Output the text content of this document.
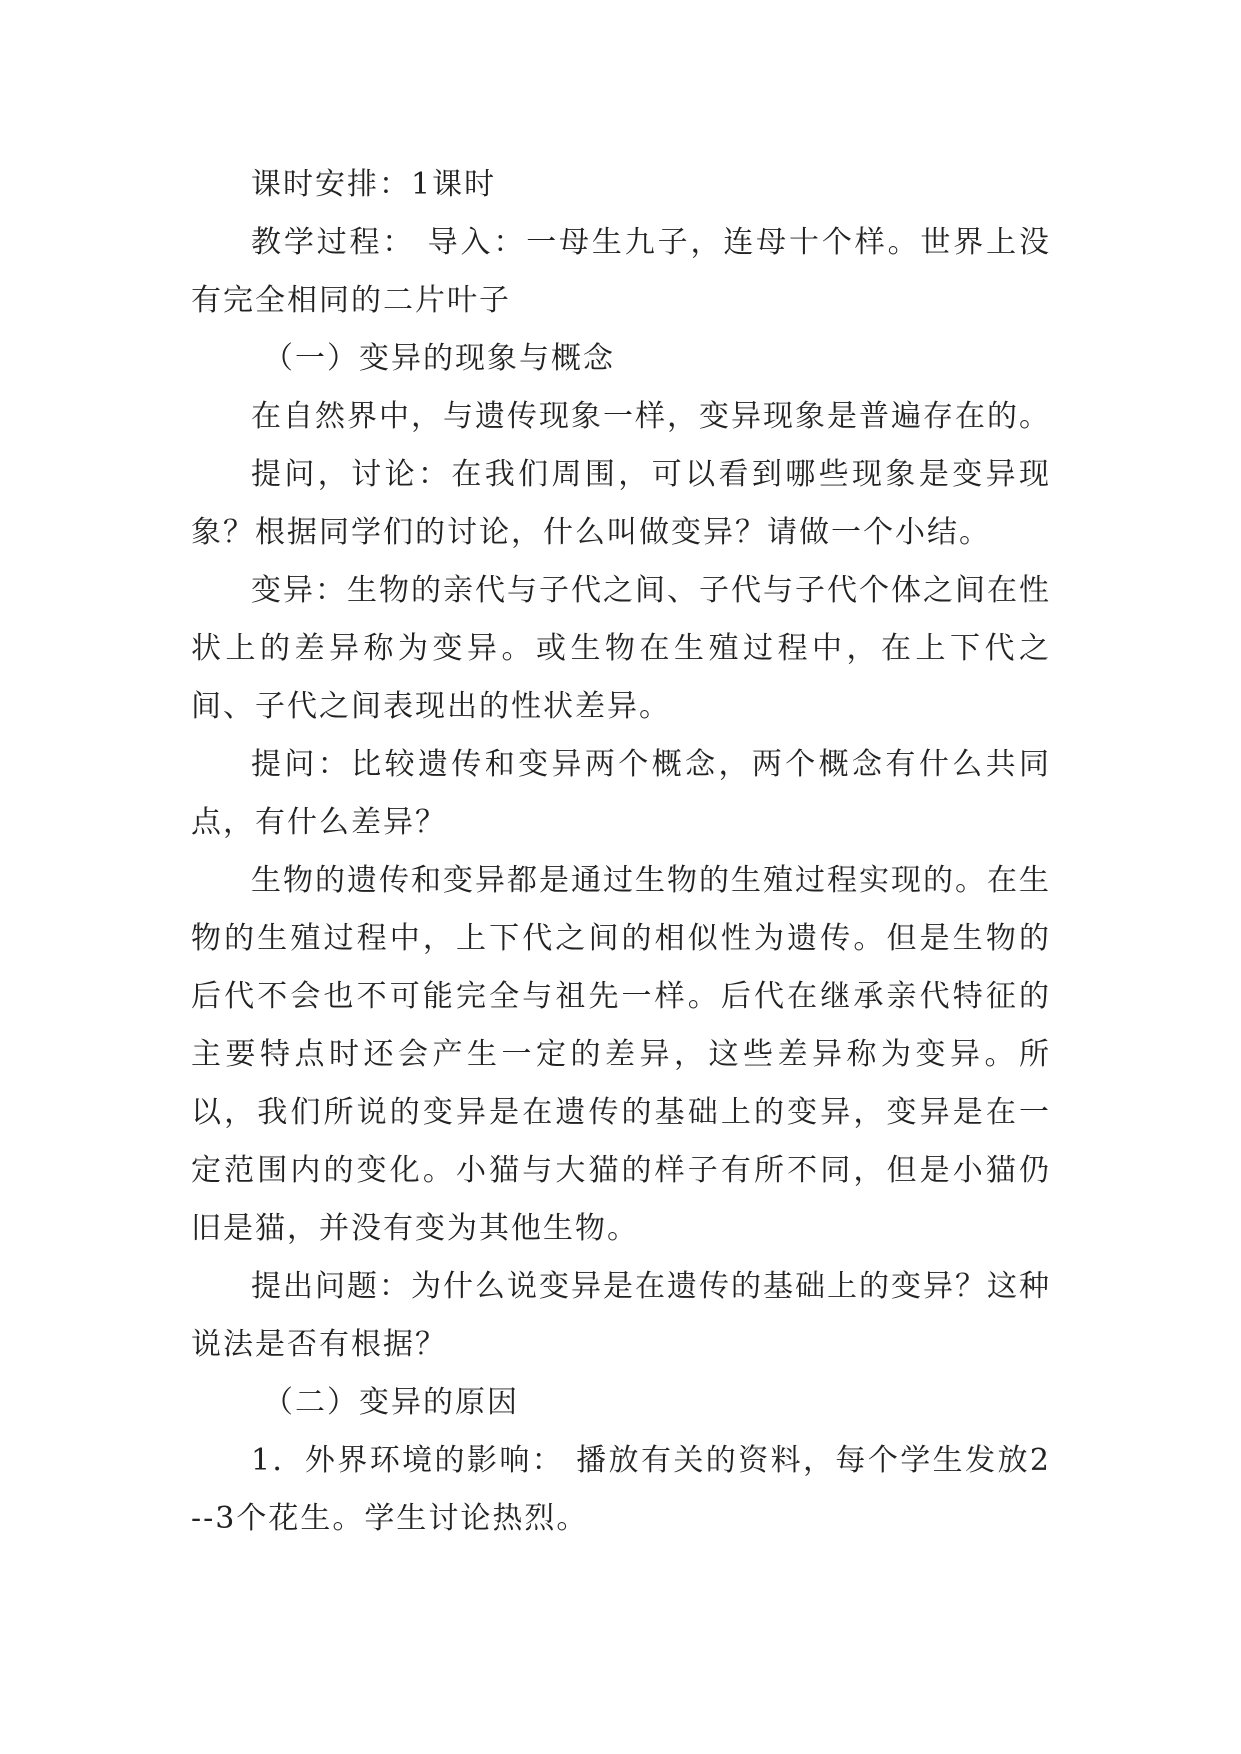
课时安排：1课时

教学过程： 导入：一母生九子，连母十个样。世界上没有完全相同的二片叶子

（一）变异的现象与概念

在自然界中，与遗传现象一样，变异现象是普遍存在的。

提问，讨论：在我们周围，可以看到哪些现象是变异现象？根据同学们的讨论，什么叫做变异？请做一个小结。

变异：生物的亲代与子代之间、子代与子代个体之间在性状上的差异称为变异。或生物在生殖过程中，在上下代之间、子代之间表现出的性状差异。

提问：比较遗传和变异两个概念，两个概念有什么共同点，有什么差异？

生物的遗传和变异都是通过生物的生殖过程实现的。在生物的生殖过程中，上下代之间的相似性为遗传。但是生物的后代不会也不可能完全与祖先一样。后代在继承亲代特征的主要特点时还会产生一定的差异，这些差异称为变异。所以，我们所说的变异是在遗传的基础上的变异，变异是在一定范围内的变化。小猫与大猫的样子有所不同，但是小猫仍旧是猫，并没有变为其他生物。

提出问题：为什么说变异是在遗传的基础上的变异？这种说法是否有根据？

（二）变异的原因

1．外界环境的影响： 播放有关的资料，每个学生发放2--3个花生。学生讨论热烈。
